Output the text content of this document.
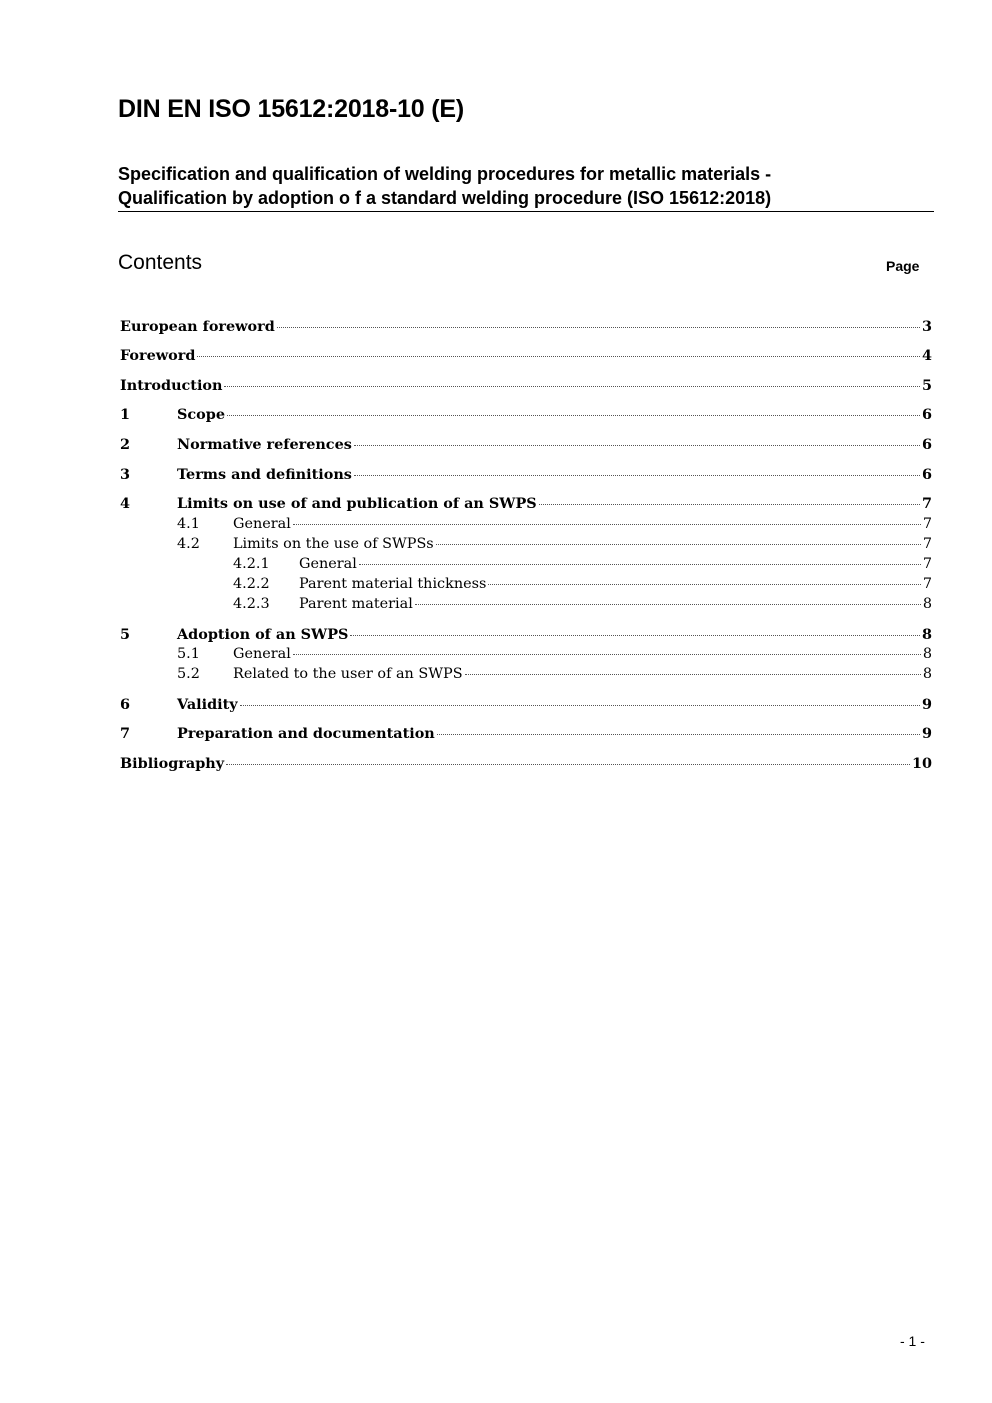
DIN EN ISO 15612:2018-10 (E)
Specification and qualification of welding procedures for metallic materials -
Qualification by adoption o f a standard welding procedure (ISO 15612:2018)
Contents	Page
European foreword	3
Foreword	4
Introduction	5
1	Scope	6
2	Normative references	6
3	Terms and definitions	6
4	Limits on use of and publication of an SWPS	7
4.1	General	7
4.2	Limits on the use of SWPSs	7
4.2.1	General	7
4.2.2	Parent material thickness	7
4.2.3	Parent material	8
5	Adoption of an SWPS	8
5.1	General	8
5.2	Related to the user of an SWPS	8
6	Validity	9
7	Preparation and documentation	9
Bibliography	10
- 1 -
